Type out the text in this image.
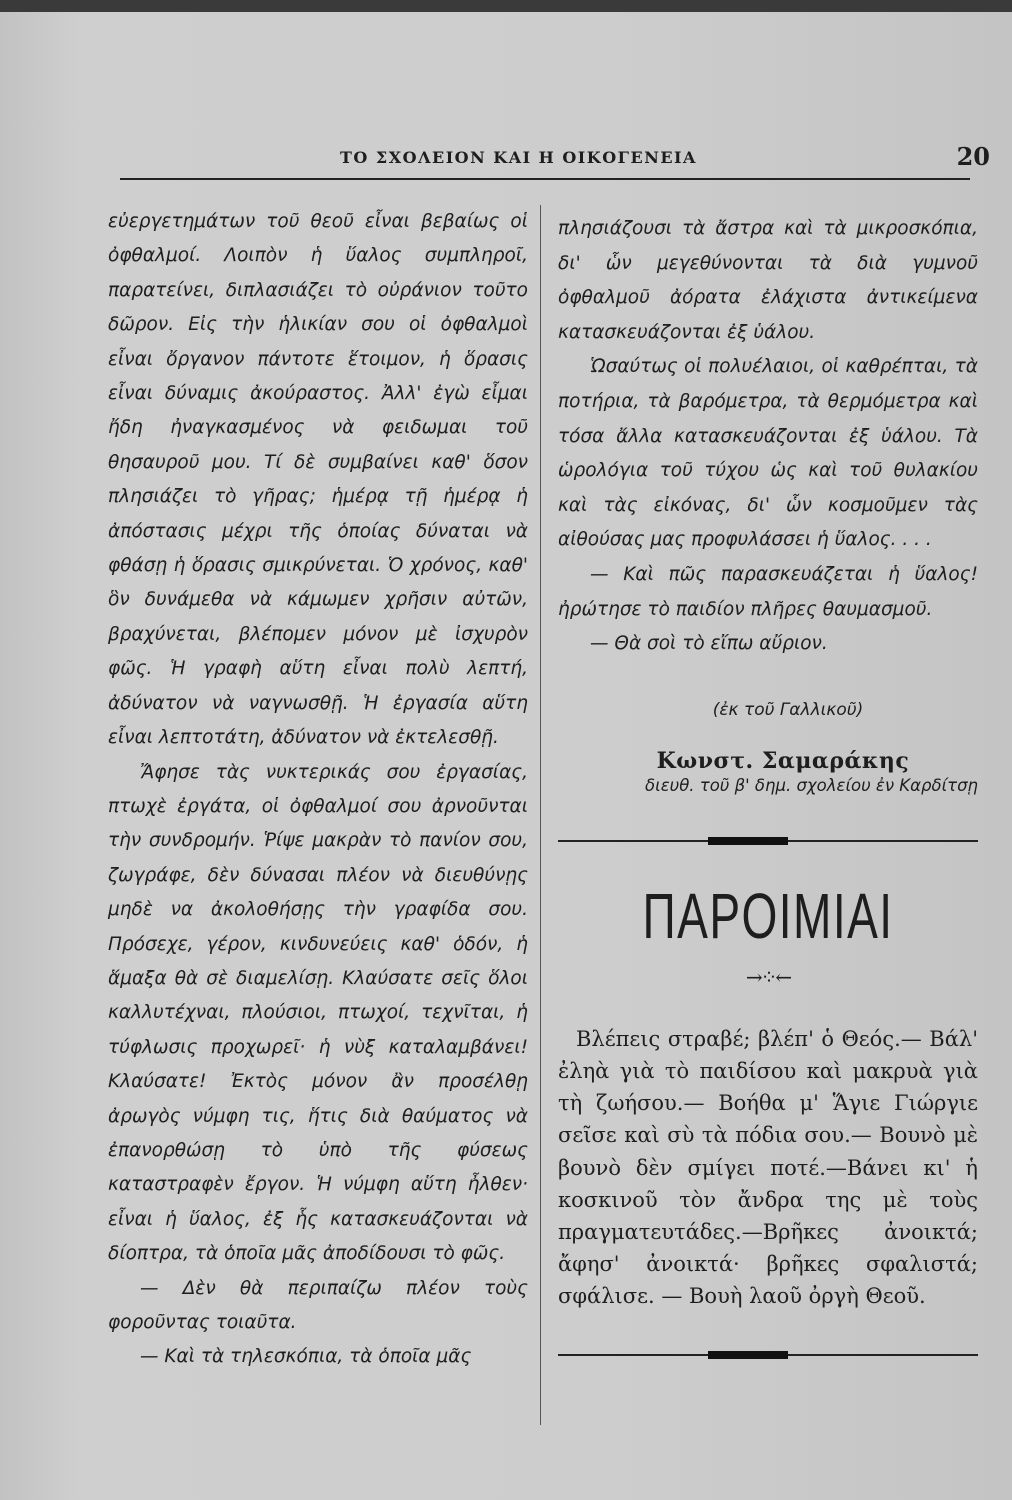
ΤΟ ΣΧΟΛΕΙΟΝ ΚΑΙ Η ΟΙΚΟΓΕΝΕΙΑ	20

εὐεργετημάτων τοῦ θεοῦ εἶναι βεβαίως οἱ ὀφθαλμοί. Λοιπὸν ἡ ὕαλος συμπληροῖ, παρατείνει, διπλασιάζει τὸ οὐράνιον τοῦτο δῶρον. Εἰς τὴν ἡλικίαν σου οἱ ὀφθαλμοὶ εἶναι ὄργανον πάντοτε ἕτοιμον, ἡ ὅρασις εἶναι δύναμις ἀκούραστος. Ἀλλ' ἐγὼ εἶμαι ἤδη ἠναγκασμένος νὰ φειδωμαι τοῦ θησαυροῦ μου. Τί δὲ συμβαίνει καθ' ὅσον πλησιάζει τὸ γῆρας; ἡμέρᾳ τῇ ἡμέρᾳ ἡ ἀπόστασις μέχρι τῆς ὁποίας δύναται νὰ φθάσῃ ἡ ὅρασις σμικρύνεται. Ὁ χρόνος, καθ' ὃν δυνάμεθα νὰ κάμωμεν χρῆσιν αὐτῶν, βραχύνεται, βλέπομεν μόνον μὲ ἰσχυρὸν φῶς. Ἡ γραφὴ αὕτη εἶναι πολὺ λεπτή, ἀδύνατον νὰ ναγνωσθῇ. Ἡ ἐργασία αὕτη εἶναι λεπτοτάτη, ἀδύνατον νὰ ἐκτελεσθῇ.

Ἄφησε τὰς νυκτερικάς σου ἐργασίας, πτωχὲ ἐργάτα, οἱ ὀφθαλμοί σου ἀρνοῦνται τὴν συνδρομήν. Ῥίψε μακρὰν τὸ πανίον σου, ζωγράφε, δὲν δύνασαι πλέον νὰ διευθύνῃς μηδὲ να ἀκολοθήσῃς τὴν γραφίδα σου. Πρόσεχε, γέρον, κινδυνεύεις καθ' ὁδόν, ἡ ἅμαξα θὰ σὲ διαμελίσῃ. Κλαύσατε σεῖς ὅλοι καλλυτέχναι, πλούσιοι, πτωχοί, τεχνῖται, ἡ τύφλωσις προχωρεῖ· ἡ νὺξ καταλαμβάνει! Κλαύσατε! Ἐκτὸς μόνον ἂν προσέλθῃ ἀρωγὸς νύμφη τις, ἥτις διὰ θαύματος νὰ ἐπανορθώσῃ τὸ ὑπὸ τῆς φύσεως καταστραφὲν ἔργον. Ἡ νύμφη αὕτη ἦλθεν· εἶναι ἡ ὕαλος, ἐξ ἧς κατασκευάζονται νὰ δίοπτρα, τὰ ὁποῖα μᾶς ἀποδίδουσι τὸ φῶς.

— Δὲν θὰ περιπαίζω πλέον τοὺς φοροῦντας τοιαῦτα.

— Καὶ τὰ τηλεσκόπια, τὰ ὁποῖα μᾶς

πλησιάζουσι τὰ ἄστρα καὶ τὰ μικροσκόπια, δι' ὧν μεγεθύνονται τὰ διὰ γυμνοῦ ὀφθαλμοῦ ἀόρατα ἐλάχιστα ἀντικείμενα κατασκευάζονται ἐξ ὑάλου.

Ὡσαύτως οἱ πολυέλαιοι, οἱ καθρέπται, τὰ ποτήρια, τὰ βαρόμετρα, τὰ θερμόμετρα καὶ τόσα ἄλλα κατασκευάζονται ἐξ ὑάλου. Τὰ ὡρολόγια τοῦ τύχου ὡς καὶ τοῦ θυλακίου καὶ τὰς εἰκόνας, δι' ὧν κοσμοῦμεν τὰς αἰθούσας μας προφυλάσσει ἡ ὕαλος. . . .

— Καὶ πῶς παρασκευάζεται ἡ ὕαλος! ἠρώτησε τὸ παιδίον πλῆρες θαυμασμοῦ.

— Θὰ σοὶ τὸ εἴπω αὔριον.

(ἐκ τοῦ Γαλλικοῦ)
Κωνστ. Σαμαράκης
διευθ. τοῦ β' δημ. σχολείου ἐν Καρδίτσῃ

ΠΑΡΟΙΜΙΑΙ

→⁘←

Βλέπεις στραβέ; βλέπ' ὁ Θεός.— Βάλ' ἐληὰ γιὰ τὸ παιδίσου καὶ μακρυὰ γιὰ τὴ ζωήσου.— Βοήθα μ' Ἅγιε Γιώργιε σεῖσε καὶ σὺ τὰ πόδια σου.— Βουνὸ μὲ βουνὸ δὲν σμίγει ποτέ.—Βάνει κι' ἡ κοσκινοῦ τὸν ἄνδρα της μὲ τοὺς πραγματευτάδες.—Βρῆκες ἀνοικτά; ἄφησ' ἀνοικτά· βρῆκες σφαλιστά; σφάλισε. — Βουὴ λαοῦ ὀργὴ Θεοῦ.
